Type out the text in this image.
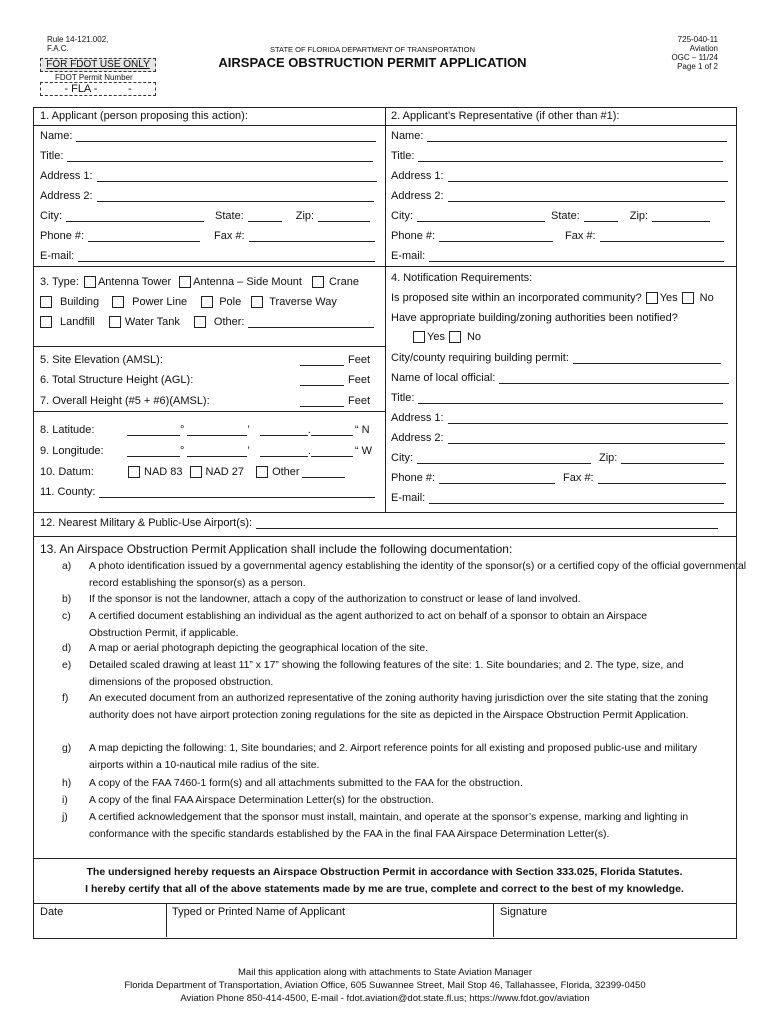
Rule 14-121.002,
F.A.C.
FOR FDOT USE ONLY
FDOT Permit Number
- FLA -          -
STATE OF FLORIDA DEPARTMENT OF TRANSPORTATION
AIRSPACE OBSTRUCTION PERMIT APPLICATION
725-040-11
Aviation
OGC – 11/24
Page 1 of 2
1. Applicant (person proposing this action):
Name:
Title:
Address 1:
Address 2:
City:	State:	Zip:
Phone #:	Fax #:
E-mail:
2. Applicant’s Representative (if other than #1):
Name:
Title:
Address 1:
Address 2:
City:	State:	Zip:
Phone #:	Fax #:
E-mail:
3. Type: Antenna Tower Antenna – Side Mount Crane
Building	Power Line	Pole	Traverse Way
Landfill	Water Tank	Other:
5. Site Elevation (AMSL):	Feet
6. Total Structure Height (AGL):	Feet
7. Overall Height (#5 + #6)(AMSL):	Feet
8. Latitude:	°	’	.	“ N
9. Longitude:	°	’	.	“ W
10. Datum:	NAD 83 NAD 27	Other
11. County:
4. Notification Requirements:
Is proposed site within an incorporated community? Yes No
Have appropriate building/zoning authorities been notified?
Yes No
City/county requiring building permit:
Name of local official:
Title:
Address 1:
Address 2:
City:	Zip:
Phone #:	Fax #:
E-mail:
12. Nearest Military & Public-Use Airport(s):
13. An Airspace Obstruction Permit Application shall include the following documentation:
a)	A photo identification issued by a governmental agency establishing the identity of the sponsor(s) or a certified copy of the official governmental record establishing the sponsor(s) as a person.
b)	If the sponsor is not the landowner, attach a copy of the authorization to construct or lease of land involved.
c)	A certified document establishing an individual as the agent authorized to act on behalf of a sponsor to obtain an Airspace Obstruction Permit, if applicable.
d)	A map or aerial photograph depicting the geographical location of the site.
e)	Detailed scaled drawing at least 11” x 17” showing the following features of the site: 1. Site boundaries; and 2. The type, size, and dimensions of the proposed obstruction.
f)	An executed document from an authorized representative of the zoning authority having jurisdiction over the site stating that the zoning authority does not have airport protection zoning regulations for the site as depicted in the Airspace Obstruction Permit Application.
g)	A map depicting the following: 1, Site boundaries; and 2. Airport reference points for all existing and proposed public-use and military airports within a 10-nautical mile radius of the site.
h)	A copy of the FAA 7460-1 form(s) and all attachments submitted to the FAA for the obstruction.
i)	A copy of the final FAA Airspace Determination Letter(s) for the obstruction.
j)	A certified acknowledgement that the sponsor must install, maintain, and operate at the sponsor’s expense, marking and lighting in conformance with the specific standards established by the FAA in the final FAA Airspace Determination Letter(s).
The undersigned hereby requests an Airspace Obstruction Permit in accordance with Section 333.025, Florida Statutes.
I hereby certify that all of the above statements made by me are true, complete and correct to the best of my knowledge.
Date	Typed or Printed Name of Applicant	Signature
Mail this application along with attachments to State Aviation Manager
Florida Department of Transportation, Aviation Office, 605 Suwannee Street, Mail Stop 46, Tallahassee, Florida, 32399-0450
Aviation Phone 850-414-4500, E-mail - fdot.aviation@dot.state.fl.us; https://www.fdot.gov/aviation
